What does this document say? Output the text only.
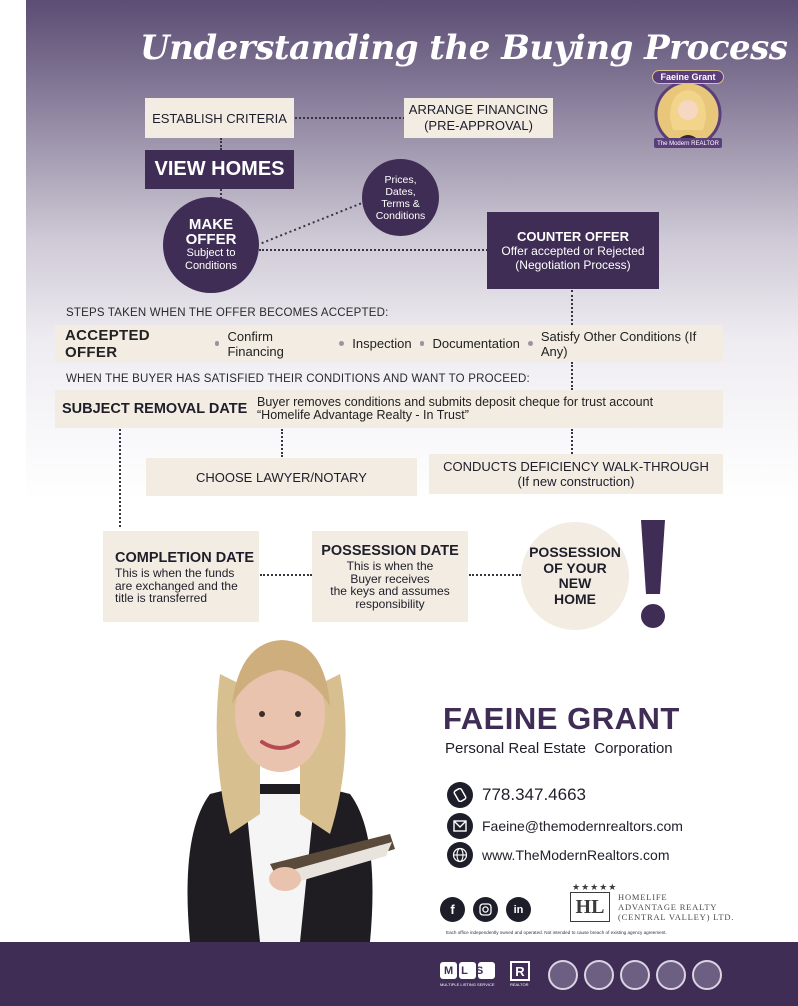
Understanding the Buying Process
Faeine Grant
The Modern REALTOR
ESTABLISH CRITERIA
ARRANGE FINANCING
(PRE-APPROVAL)
VIEW HOMES
MAKE
OFFER
Subject to
Conditions
Prices,
Dates,
Terms &
Conditions
COUNTER OFFER
Offer accepted or Rejected
(Negotiation Process)
STEPS TAKEN WHEN THE OFFER BECOMES ACCEPTED:
ACCEPTED OFFER
Confirm Financing	Inspection Documentation Satisfy Other Conditions (If Any)
WHEN THE BUYER HAS SATISFIED THEIR CONDITIONS AND WANT TO PROCEED:
SUBJECT REMOVAL DATE Buyer removes conditions and submits deposit cheque for trust account
“Homelife Advantage Realty - In Trust”
CHOOSE LAWYER/NOTARY
CONDUCTS DEFICIENCY WALK-THROUGH
(If new construction)
COMPLETION DATE
This is when the funds
are exchanged and the
title is transferred
POSSESSION DATE
This is when the
Buyer receives
the keys and assumes
responsibility
POSSESSION
OF YOUR
NEW
HOME
FAEINE GRANT
Personal Real Estate  Corporation
778.347.4663
Faeine@themodernrealtors.com
www.TheModernRealtors.com
f	in
★★★★★
HL	HOMELIFE
ADVANTAGE REALTY
(CENTRAL VALLEY) LTD.
Each office independently owned and operated. Not intended to cause breach of existing agency agreement.
MLS
MULTIPLE LISTING SERVICE
R
REALTOR
